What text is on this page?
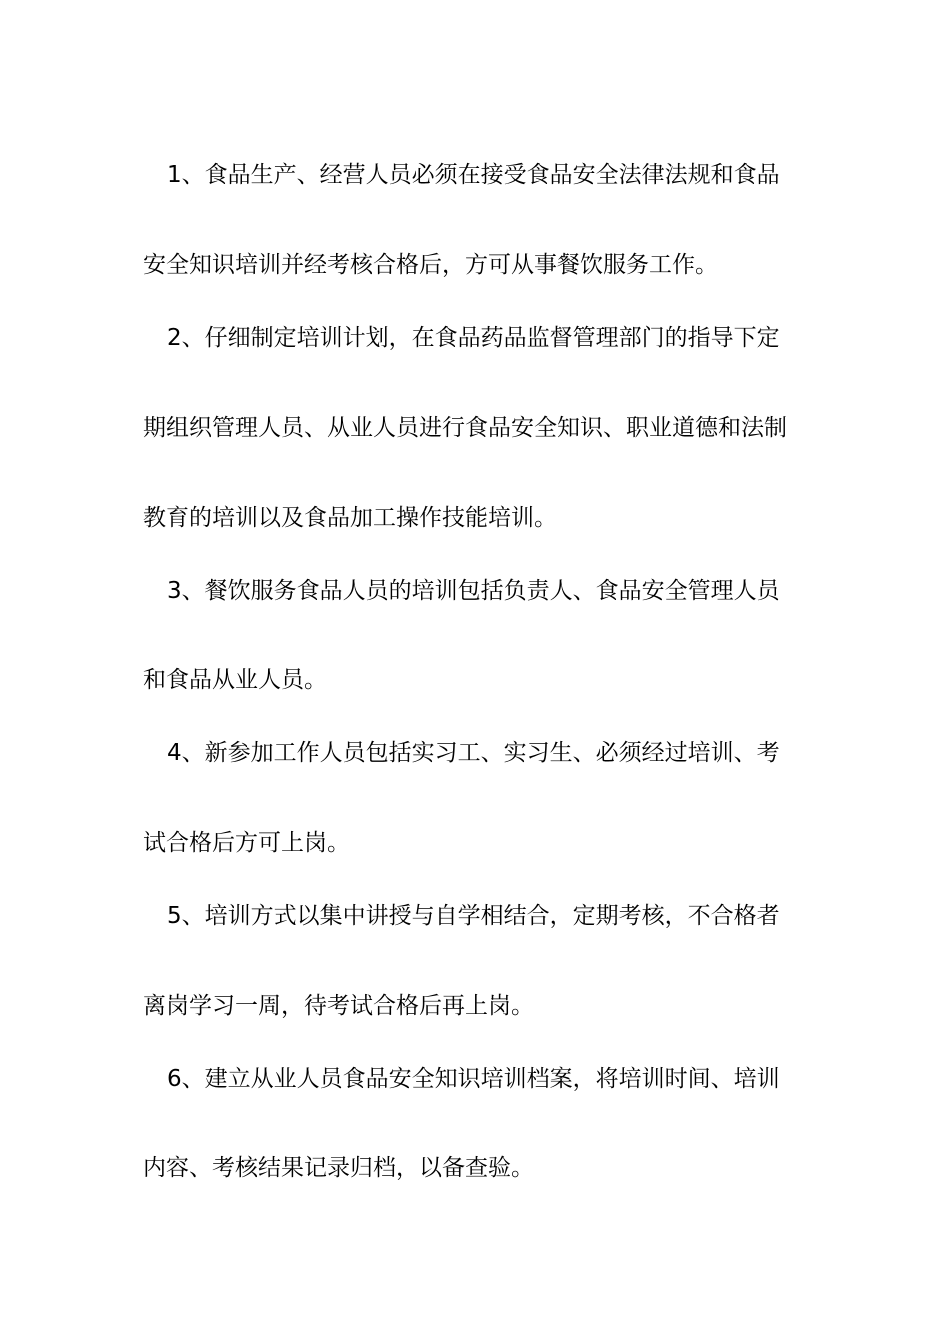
1、食品生产、经营人员必须在接受食品安全法律法规和食品
安全知识培训并经考核合格后，方可从事餐饮服务工作。
2、仔细制定培训计划，在食品药品监督管理部门的指导下定
期组织管理人员、从业人员进行食品安全知识、职业道德和法制
教育的培训以及食品加工操作技能培训。
3、餐饮服务食品人员的培训包括负责人、食品安全管理人员
和食品从业人员。
4、新参加工作人员包括实习工、实习生、必须经过培训、考
试合格后方可上岗。
5、培训方式以集中讲授与自学相结合，定期考核，不合格者
离岗学习一周，待考试合格后再上岗。
6、建立从业人员食品安全知识培训档案，将培训时间、培训
内容、考核结果记录归档，以备查验。
